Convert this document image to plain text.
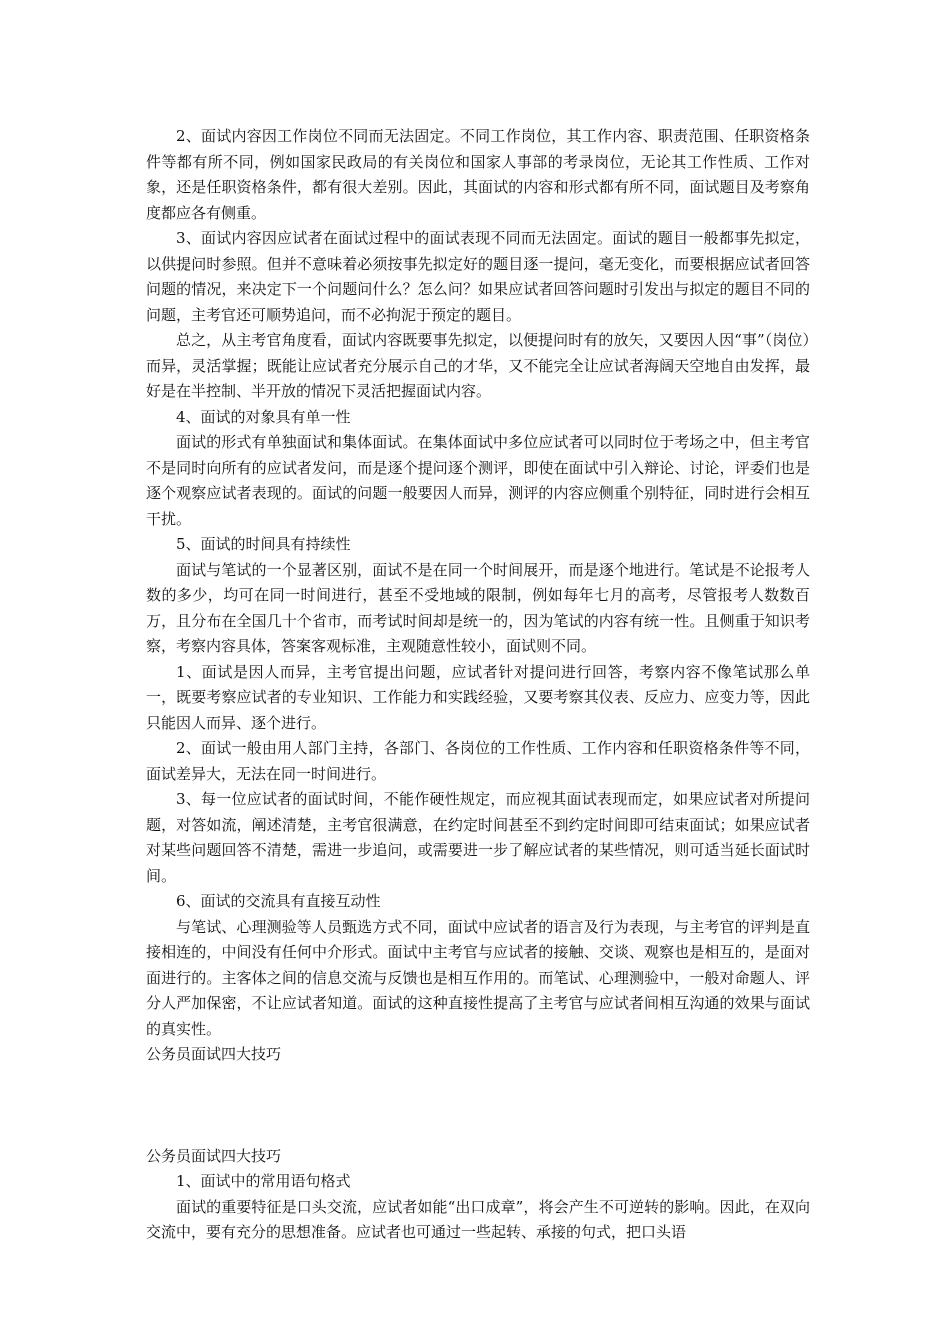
2、面试内容因工作岗位不同而无法固定。不同工作岗位，其工作内容、职责范围、任职资格条件等都有所不同，例如国家民政局的有关岗位和国家人事部的考录岗位，无论其工作性质、工作对象，还是任职资格条件，都有很大差别。因此，其面试的内容和形式都有所不同，面试题目及考察角度都应各有侧重。

3、面试内容因应试者在面试过程中的面试表现不同而无法固定。面试的题目一般都事先拟定，以供提问时参照。但并不意味着必须按事先拟定好的题目逐一提问，毫无变化，而要根据应试者回答问题的情况，来决定下一个问题问什么？怎么问？如果应试者回答问题时引发出与拟定的题目不同的问题，主考官还可顺势追问，而不必拘泥于预定的题目。

总之，从主考官角度看，面试内容既要事先拟定，以便提问时有的放矢，又要因人因“事”（岗位）而异，灵活掌握；既能让应试者充分展示自己的才华，又不能完全让应试者海阔天空地自由发挥，最好是在半控制、半开放的情况下灵活把握面试内容。

4、面试的对象具有单一性

面试的形式有单独面试和集体面试。在集体面试中多位应试者可以同时位于考场之中，但主考官不是同时向所有的应试者发问，而是逐个提问逐个测评，即使在面试中引入辩论、讨论，评委们也是逐个观察应试者表现的。面试的问题一般要因人而异，测评的内容应侧重个别特征，同时进行会相互干扰。

5、面试的时间具有持续性

面试与笔试的一个显著区别，面试不是在同一个时间展开，而是逐个地进行。笔试是不论报考人数的多少，均可在同一时间进行，甚至不受地域的限制，例如每年七月的高考，尽管报考人数数百万，且分布在全国几十个省市，而考试时间却是统一的，因为笔试的内容有统一性。且侧重于知识考察，考察内容具体，答案客观标准，主观随意性较小，面试则不同。

1、面试是因人而异，主考官提出问题，应试者针对提问进行回答，考察内容不像笔试那么单一，既要考察应试者的专业知识、工作能力和实践经验，又要考察其仪表、反应力、应变力等，因此只能因人而异、逐个进行。

2、面试一般由用人部门主持，各部门、各岗位的工作性质、工作内容和任职资格条件等不同，面试差异大，无法在同一时间进行。

3、每一位应试者的面试时间，不能作硬性规定，而应视其面试表现而定，如果应试者对所提问题，对答如流，阐述清楚，主考官很满意，在约定时间甚至不到约定时间即可结束面试；如果应试者对某些问题回答不清楚，需进一步追问，或需要进一步了解应试者的某些情况，则可适当延长面试时间。

6、面试的交流具有直接互动性

与笔试、心理测验等人员甄选方式不同，面试中应试者的语言及行为表现，与主考官的评判是直接相连的，中间没有任何中介形式。面试中主考官与应试者的接触、交谈、观察也是相互的，是面对面进行的。主客体之间的信息交流与反馈也是相互作用的。而笔试、心理测验中，一般对命题人、评分人严加保密，不让应试者知道。面试的这种直接性提高了主考官与应试者间相互沟通的效果与面试的真实性。

公务员面试四大技巧

公务员面试四大技巧

1、面试中的常用语句格式

面试的重要特征是口头交流，应试者如能“出口成章”，将会产生不可逆转的影响。因此，在双向交流中，要有充分的思想准备。应试者也可通过一些起转、承接的句式，把口头语
